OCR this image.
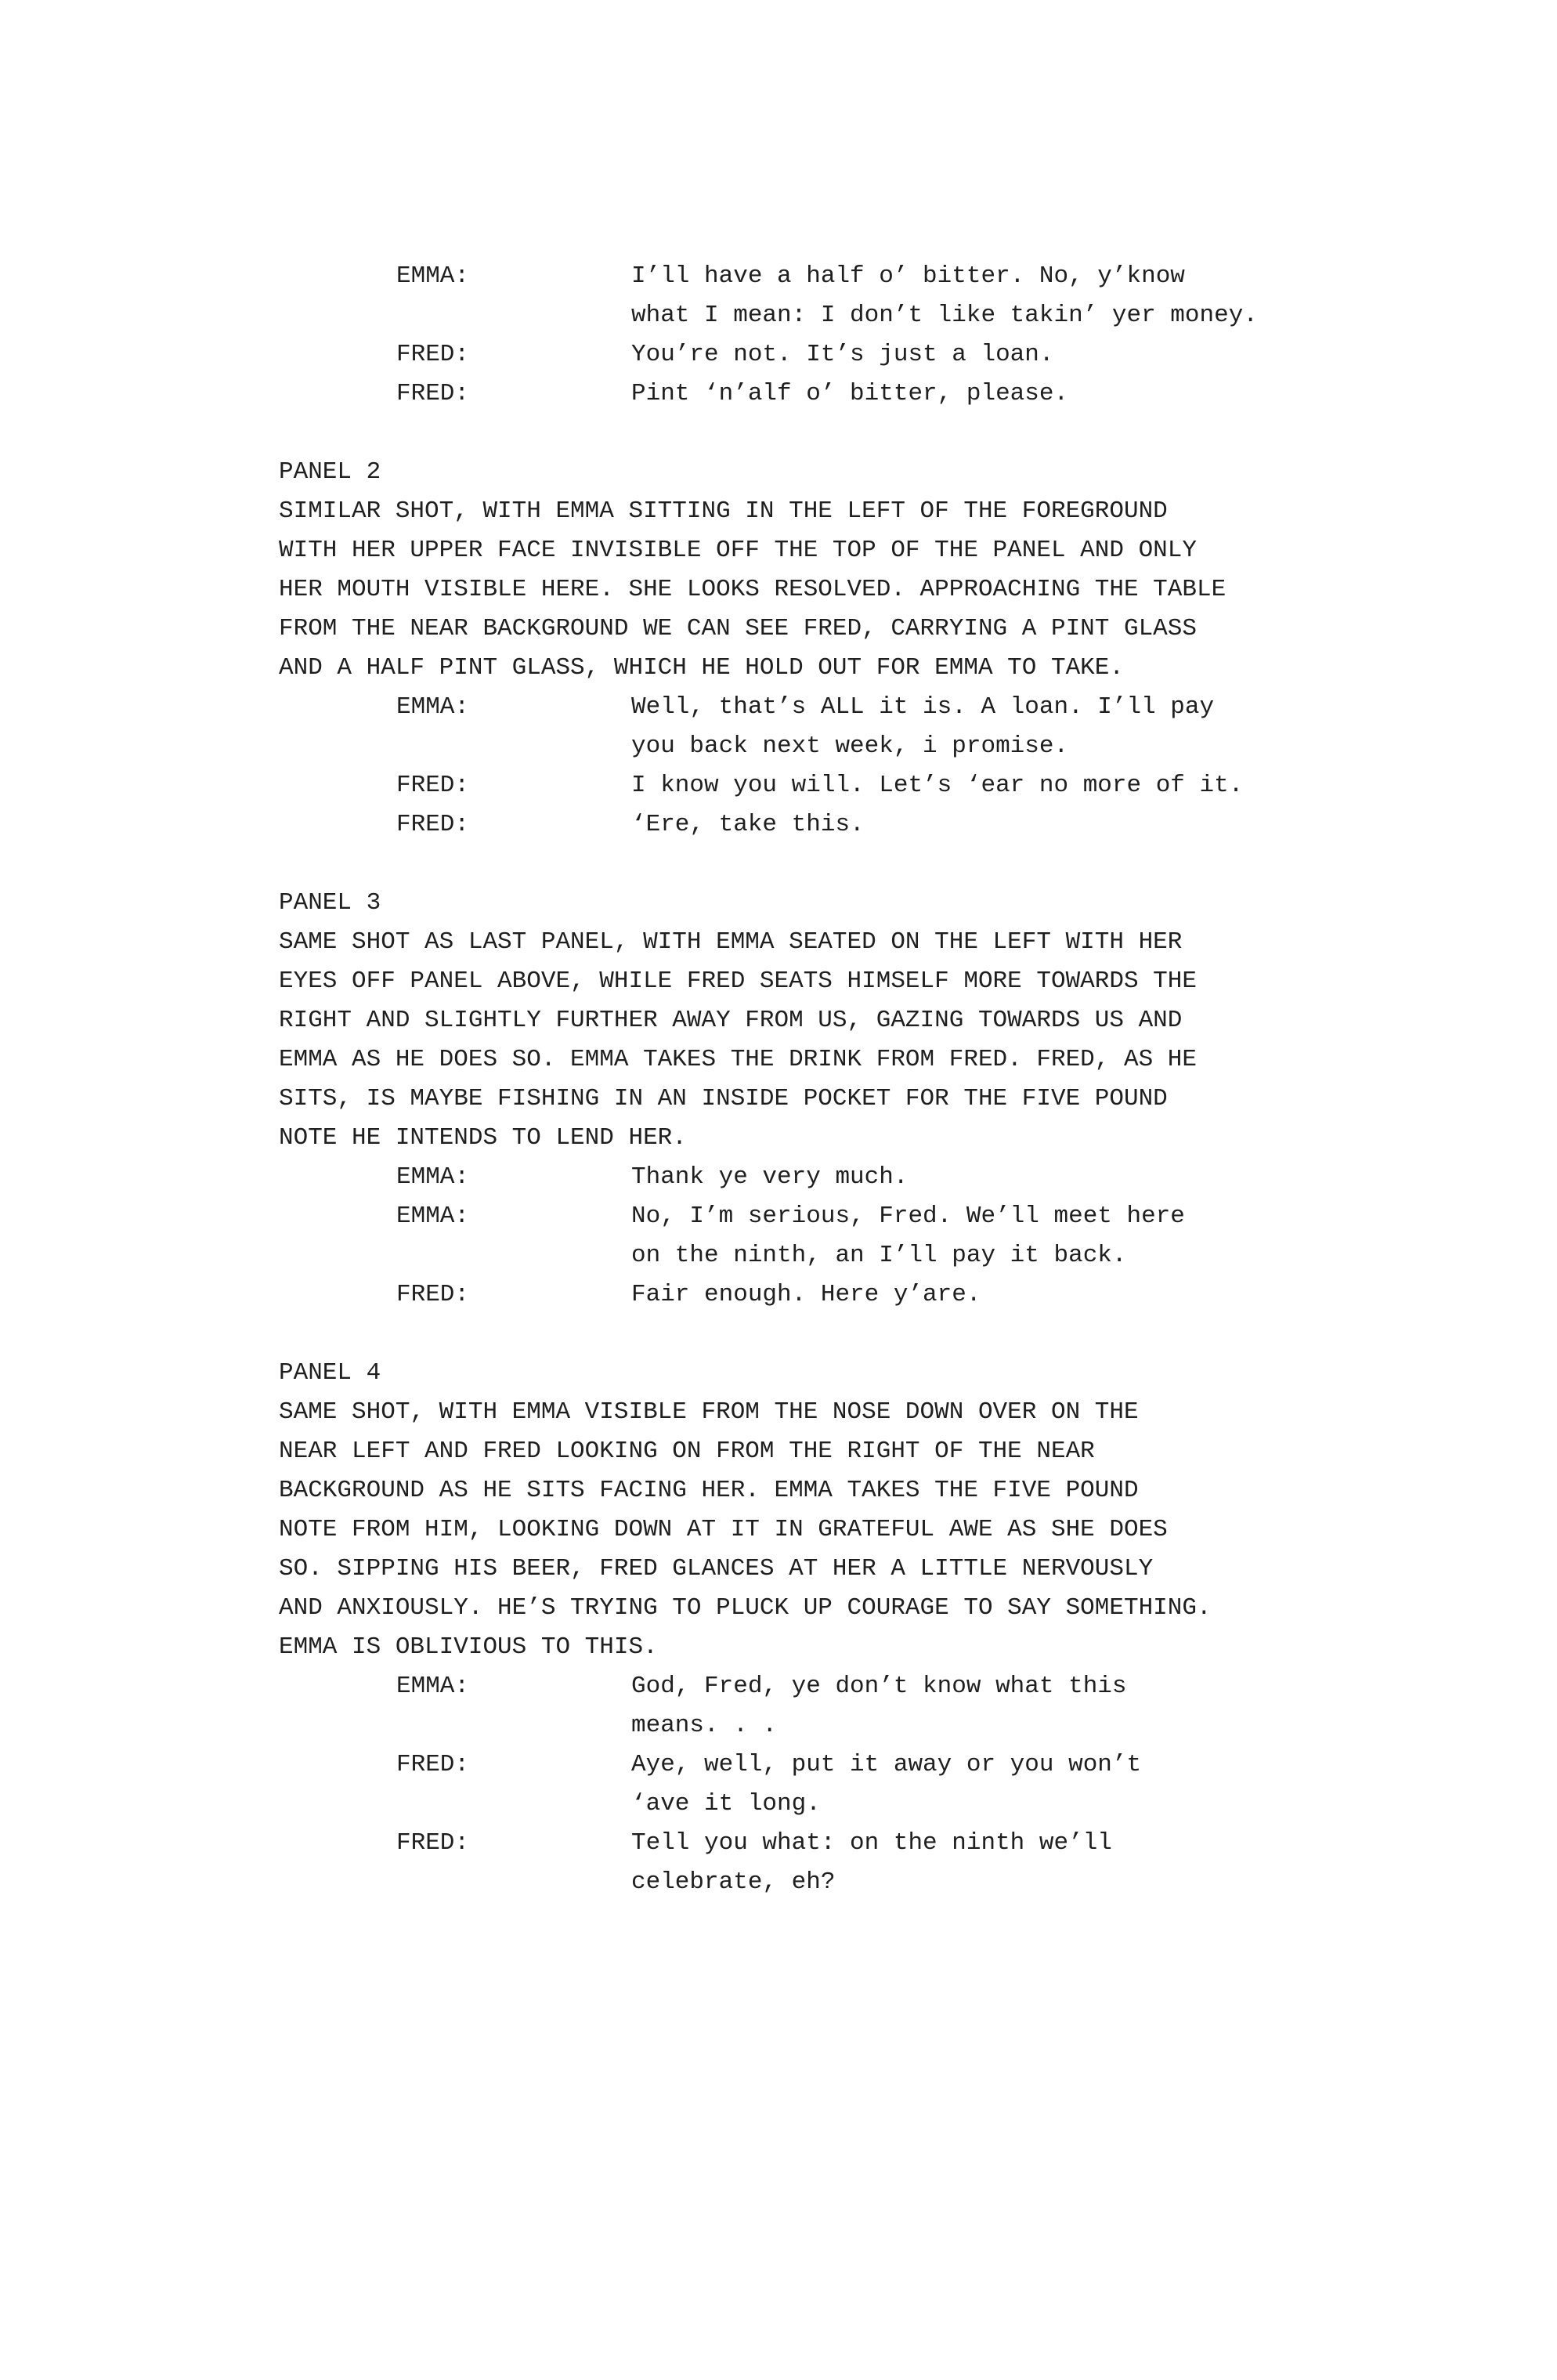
EMMA:	I’ll have a half o’ bitter. No, y’know
what I mean: I don’t like takin’ yer money.
FRED:	You’re not. It’s just a loan.
FRED:	Pint ‘n’alf o’ bitter, please.
PANEL 2
SIMILAR SHOT, WITH EMMA SITTING IN THE LEFT OF THE FOREGROUND
WITH HER UPPER FACE INVISIBLE OFF THE TOP OF THE PANEL AND ONLY
HER MOUTH VISIBLE HERE. SHE LOOKS RESOLVED. APPROACHING THE TABLE
FROM THE NEAR BACKGROUND WE CAN SEE FRED, CARRYING A PINT GLASS
AND A HALF PINT GLASS, WHICH HE HOLD OUT FOR EMMA TO TAKE.
EMMA:	Well, that’s ALL it is. A loan. I’ll pay
you back next week, i promise.
FRED:	I know you will. Let’s ‘ear no more of it.
FRED:	‘Ere, take this.
PANEL 3
SAME SHOT AS LAST PANEL, WITH EMMA SEATED ON THE LEFT WITH HER
EYES OFF PANEL ABOVE, WHILE FRED SEATS HIMSELF MORE TOWARDS THE
RIGHT AND SLIGHTLY FURTHER AWAY FROM US, GAZING TOWARDS US AND
EMMA AS HE DOES SO. EMMA TAKES THE DRINK FROM FRED. FRED, AS HE
SITS, IS MAYBE FISHING IN AN INSIDE POCKET FOR THE FIVE POUND
NOTE HE INTENDS TO LEND HER.
EMMA:	Thank ye very much.
EMMA:	No, I’m serious, Fred. We’ll meet here
on the ninth, an I’ll pay it back.
FRED:	Fair enough. Here y’are.
PANEL 4
SAME SHOT, WITH EMMA VISIBLE FROM THE NOSE DOWN OVER ON THE
NEAR LEFT AND FRED LOOKING ON FROM THE RIGHT OF THE NEAR
BACKGROUND AS HE SITS FACING HER. EMMA TAKES THE FIVE POUND
NOTE FROM HIM, LOOKING DOWN AT IT IN GRATEFUL AWE AS SHE DOES
SO. SIPPING HIS BEER, FRED GLANCES AT HER A LITTLE NERVOUSLY
AND ANXIOUSLY. HE’S TRYING TO PLUCK UP COURAGE TO SAY SOMETHING.
EMMA IS OBLIVIOUS TO THIS.
EMMA:	God, Fred, ye don’t know what this
means. . .
FRED:	Aye, well, put it away or you won’t
‘ave it long.
FRED:	Tell you what: on the ninth we’ll
celebrate, eh?
